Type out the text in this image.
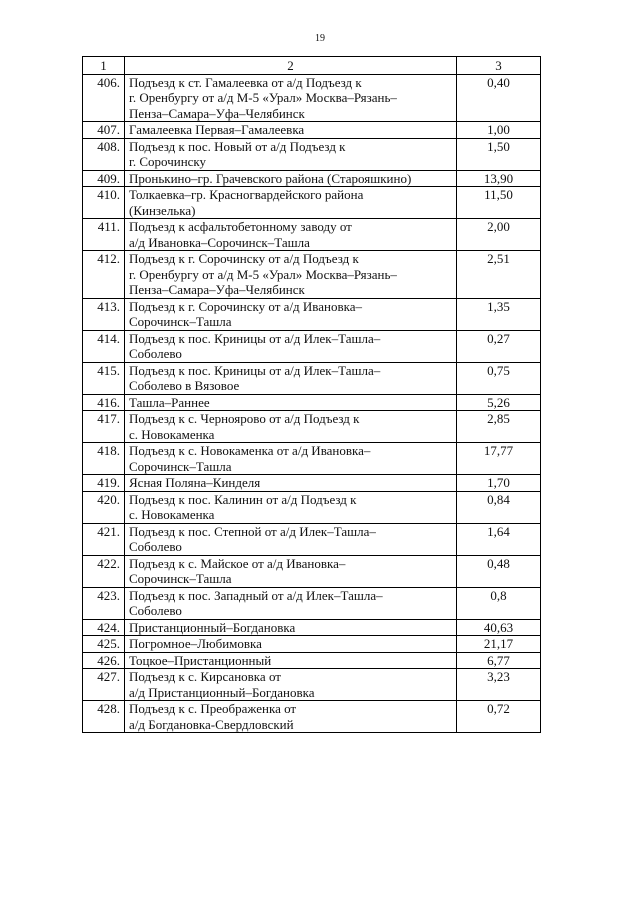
19
1	2	3
406.	Подъезд к ст. Гамалеевка от а/д Подъезд к
г. Оренбургу от а/д М-5 «Урал» Москва–Рязань–
Пенза–Самара–Уфа–Челябинск	0,40
407.	Гамалеевка Первая–Гамалеевка	1,00
408.	Подъезд к пос. Новый от а/д Подъезд к
г. Сорочинску	1,50
409.	Пронькино–гр. Грачевского района (Старояшкино)	13,90
410.	Толкаевка–гр. Красногвардейского района
(Кинзелька)	11,50
411.	Подъезд к асфальтобетонному заводу от
а/д Ивановка–Сорочинск–Ташла	2,00
412.	Подъезд к г. Сорочинску от а/д Подъезд к
г. Оренбургу от а/д М-5 «Урал» Москва–Рязань–
Пенза–Самара–Уфа–Челябинск	2,51
413.	Подъезд к г. Сорочинску от а/д Ивановка–
Сорочинск–Ташла	1,35
414.	Подъезд к пос. Криницы от а/д Илек–Ташла–
Соболево	0,27
415.	Подъезд к пос. Криницы от а/д Илек–Ташла–
Соболево в Вязовое	0,75
416.	Ташла–Раннее	5,26
417.	Подъезд к с. Черноярово от а/д Подъезд к
с. Новокаменка	2,85
418.	Подъезд к с. Новокаменка от а/д Ивановка–
Сорочинск–Ташла	17,77
419.	Ясная Поляна–Кинделя	1,70
420.	Подъезд к пос. Калинин от а/д Подъезд к
с. Новокаменка	0,84
421.	Подъезд к пос. Степной от а/д Илек–Ташла–
Соболево	1,64
422.	Подъезд к с. Майское от а/д Ивановка–
Сорочинск–Ташла	0,48
423.	Подъезд к пос. Западный от а/д Илек–Ташла–
Соболево	0,8
424.	Пристанционный–Богдановка	40,63
425.	Погромное–Любимовка	21,17
426.	Тоцкое–Пристанционный	6,77
427.	Подъезд к с. Кирсановка от
а/д Пристанционный–Богдановка	3,23
428.	Подъезд к с. Преображенка от
а/д Богдановка-Свердловский	0,72
